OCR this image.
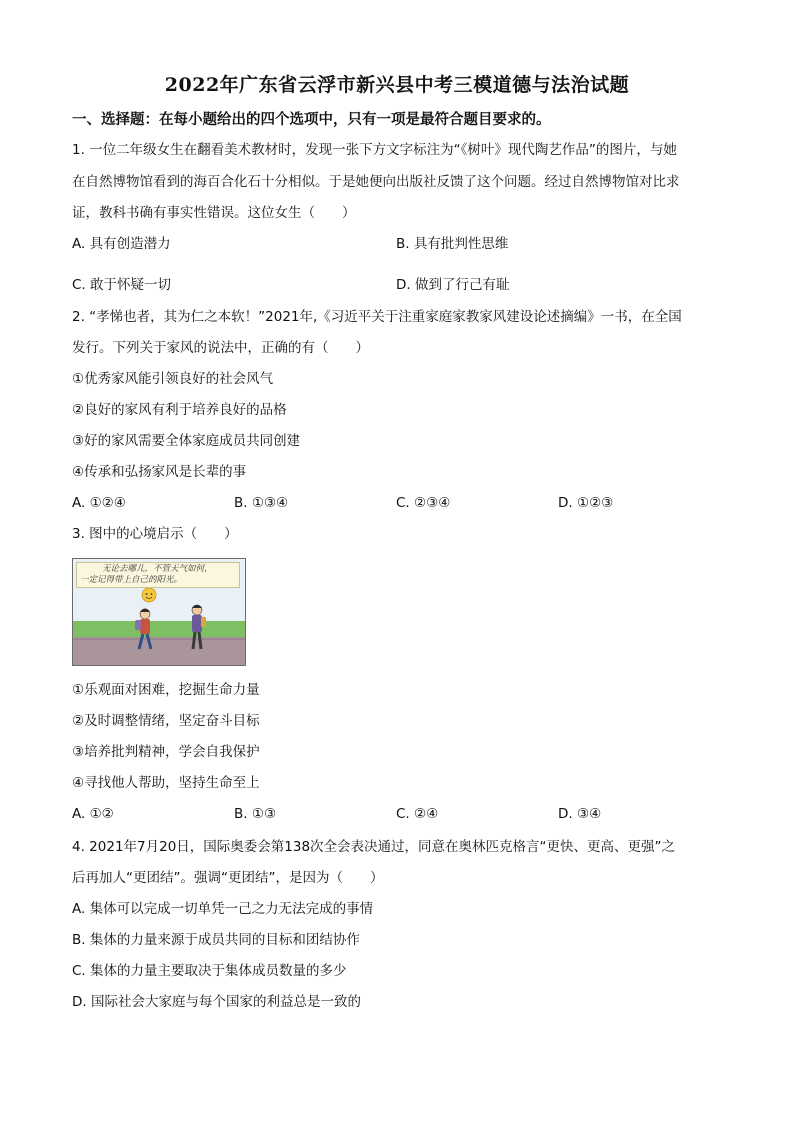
2022年广东省云浮市新兴县中考三模道德与法治试题
一、选择题：在每小题给出的四个选项中，只有一项是最符合题目要求的。
1. 一位二年级女生在翻看美术教材时，发现一张下方文字标注为“《树叶》现代陶艺作品”的图片，与她
在自然博物馆看到的海百合化石十分相似。于是她便向出版社反馈了这个问题。经过自然博物馆对比求
证，教科书确有事实性错误。这位女生（　　）
A. 具有创造潜力	B. 具有批判性思维
C. 敢于怀疑一切	D. 做到了行己有耻
2. “孝悌也者，其为仁之本软！”2021年,《习近平关于注重家庭家教家风建设论述摘编》一书，在全国
发行。下列关于家风的说法中，正确的有（　　）
①优秀家风能引领良好的社会风气
②良好的家风有利于培养良好的品格
③好的家风需要全体家庭成员共同创建
④传承和弘扬家风是长辈的事
A. ①②④	B. ①③④	C. ②③④	D. ①②③
3. 图中的心境启示（　　）
无论去哪儿，不管天气如何，
一定记得带上自己的阳光。
①乐观面对困难，挖掘生命力量
②及时调整情绪，坚定奋斗目标
③培养批判精神，学会自我保护
④寻找他人帮助，坚持生命至上
A. ①②	B. ①③	C. ②④	D. ③④
4. 2021年7月20日，国际奥委会第138次全会表决通过，同意在奥林匹克格言“更快、更高、更强”之
后再加人“更团结”。强调“更团结”，是因为（　　）
A. 集体可以完成一切单凭一己之力无法完成的事情
B. 集体的力量来源于成员共同的目标和团结协作
C. 集体的力量主要取决于集体成员数量的多少
D. 国际社会大家庭与每个国家的利益总是一致的
